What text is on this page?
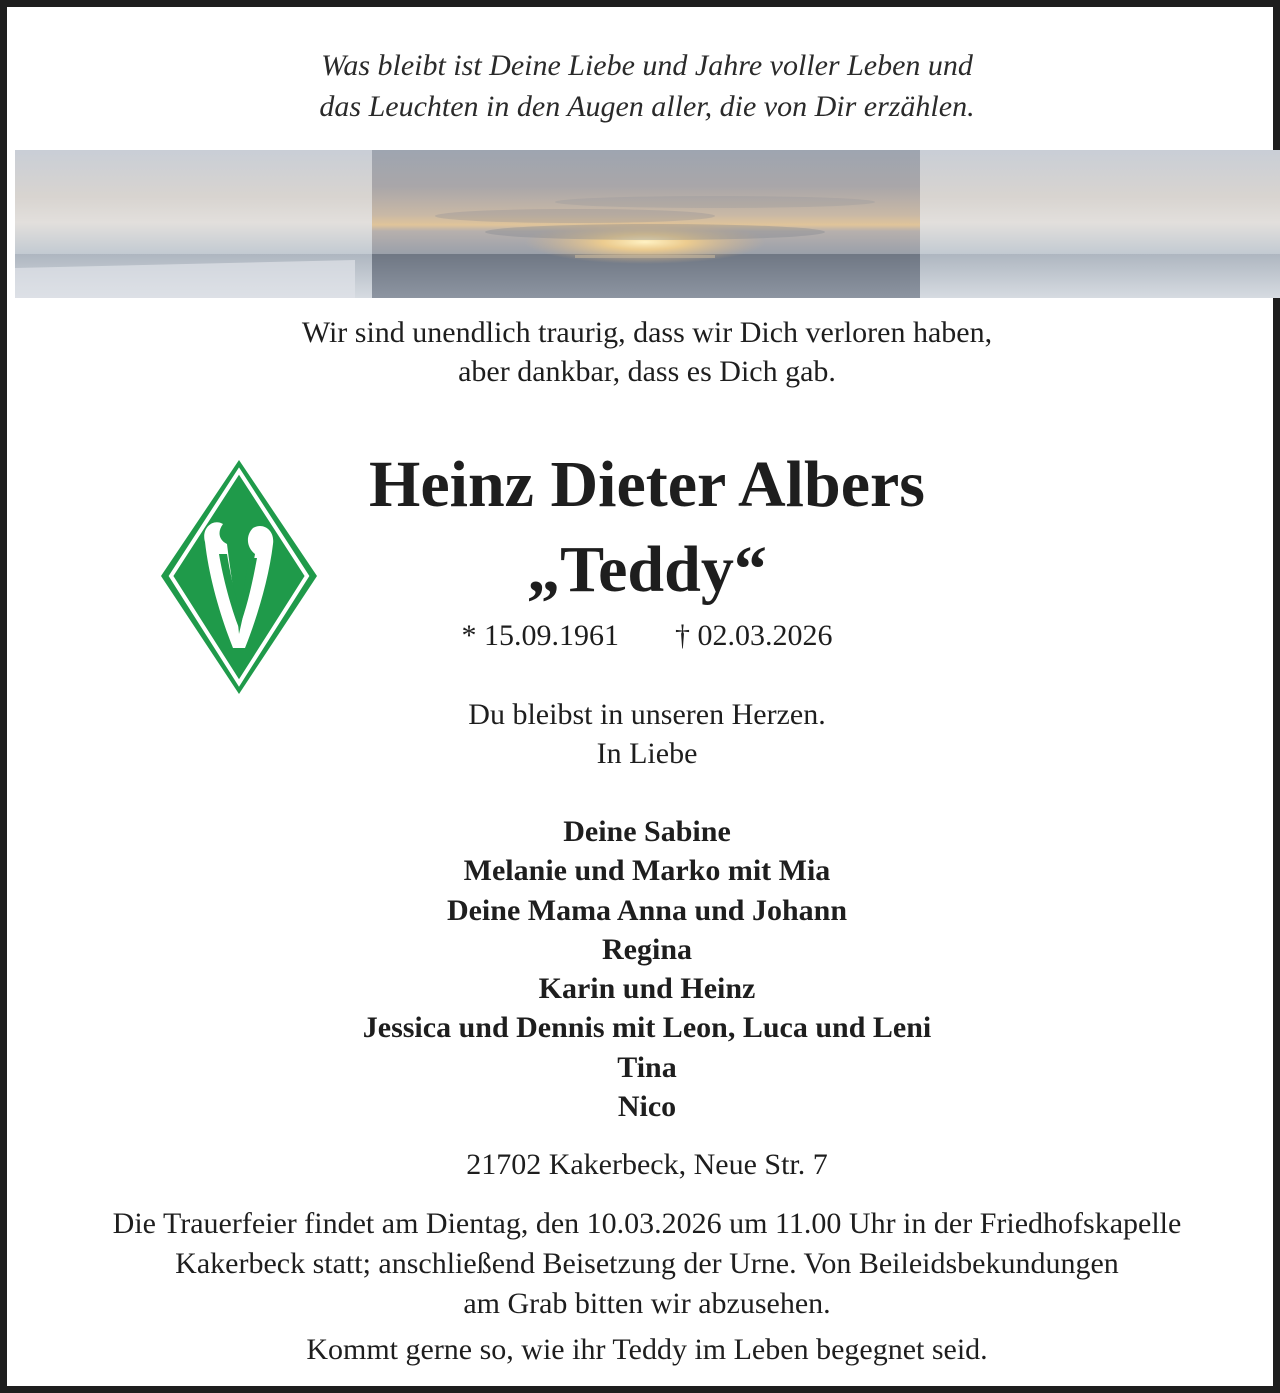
Was bleibt ist Deine Liebe und Jahre voller Leben und
das Leuchten in den Augen aller, die von Dir erzählen.
Wir sind unendlich traurig, dass wir Dich verloren haben,
aber dankbar, dass es Dich gab.
Heinz Dieter Albers
„Teddy“
* 15.09.1961 † 02.03.2026
Du bleibst in unseren Herzen.
In Liebe
Deine Sabine
Melanie und Marko mit Mia
Deine Mama Anna und Johann
Regina
Karin und Heinz
Jessica und Dennis mit Leon, Luca und Leni
Tina
Nico
21702 Kakerbeck, Neue Str. 7
Die Trauerfeier findet am Dientag, den 10.03.2026 um 11.00 Uhr in der Friedhofskapelle
Kakerbeck statt; anschließend Beisetzung der Urne. Von Beileidsbekundungen
am Grab bitten wir abzusehen.
Kommt gerne so, wie ihr Teddy im Leben begegnet seid.
